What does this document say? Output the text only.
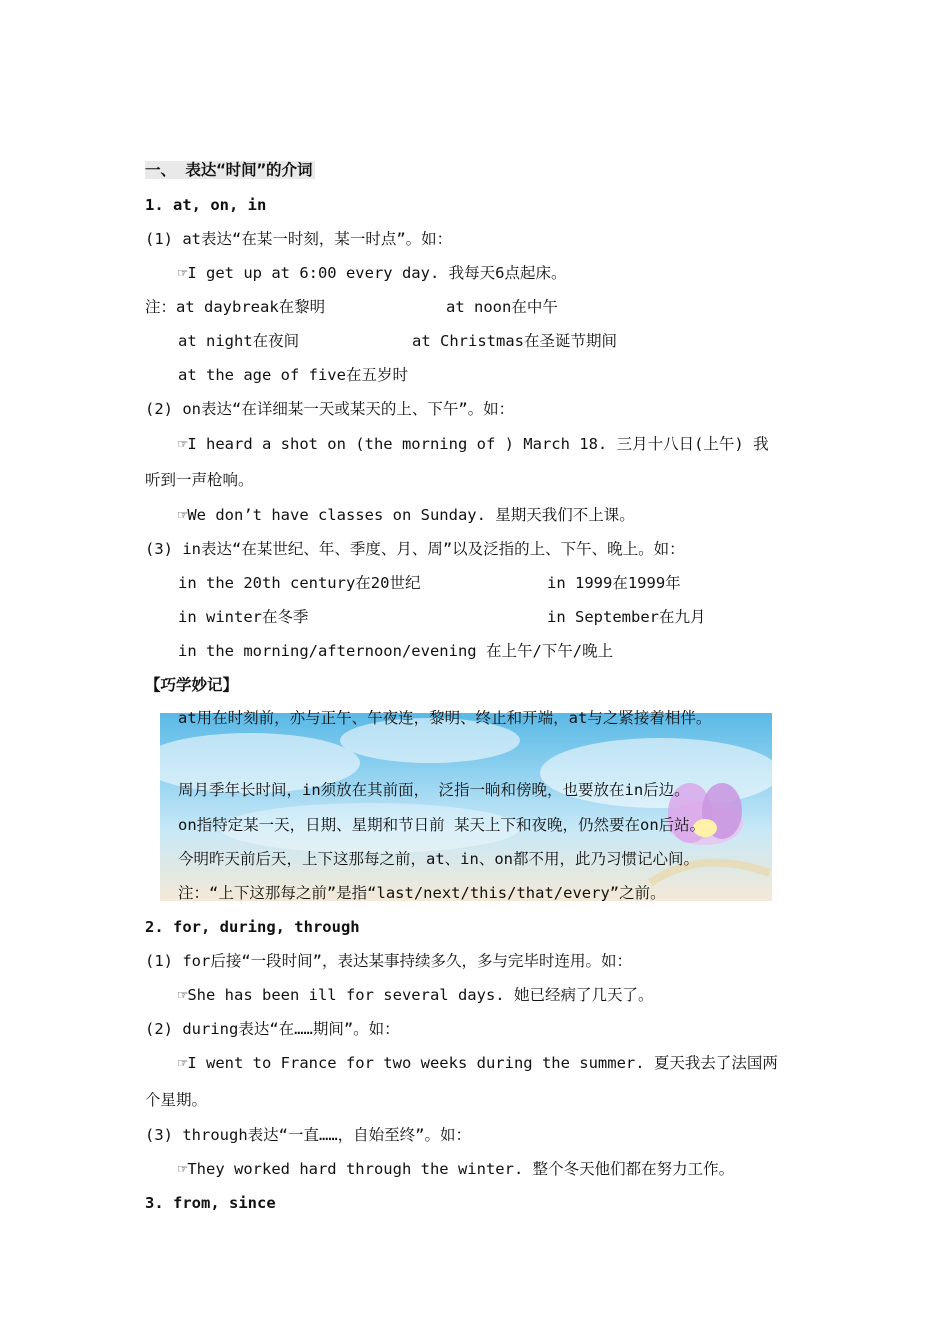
一、 表达“时间”的介词
1. at, on, in
(1) at表达“在某一时刻，某一时点”。如：
☞I get up at 6:00 every day. 我每天6点起床。
注：at daybreak在黎明	at noon在中午
at night在夜间	at Christmas在圣诞节期间
at the age of five在五岁时
(2) on表达“在详细某一天或某天的上、下午”。如：
☞I heard a shot on (the morning of ) March 18. 三月十八日(上午) 我
听到一声枪响。
☞We don’t have classes on Sunday. 星期天我们不上课。
(3) in表达“在某世纪、年、季度、月、周”以及泛指的上、下午、晚上。如：
in the 20th century在20世纪	in 1999在1999年
in winter在冬季	in September在九月
in the morning/afternoon/evening 在上午/下午/晚上
【巧学妙记】
at用在时刻前，亦与正午、午夜连，黎明、终止和开端，at与之紧接着相伴。
周月季年长时间，in须放在其前面， 泛指一晌和傍晚，也要放在in后边。
on指特定某一天，日期、星期和节日前 某天上下和夜晚，仍然要在on后站。
今明昨天前后天，上下这那每之前，at、in、on都不用，此乃习惯记心间。
注：“上下这那每之前”是指“last/next/this/that/every”之前。
2. for, during, through
(1) for后接“一段时间”，表达某事持续多久，多与完毕时连用。如：
☞She has been ill for several days. 她已经病了几天了。
(2) during表达“在……期间”。如：
☞I went to France for two weeks during the summer. 夏天我去了法国两
个星期。
(3) through表达“一直……，自始至终”。如：
☞They worked hard through the winter. 整个冬天他们都在努力工作。
3. from, since
